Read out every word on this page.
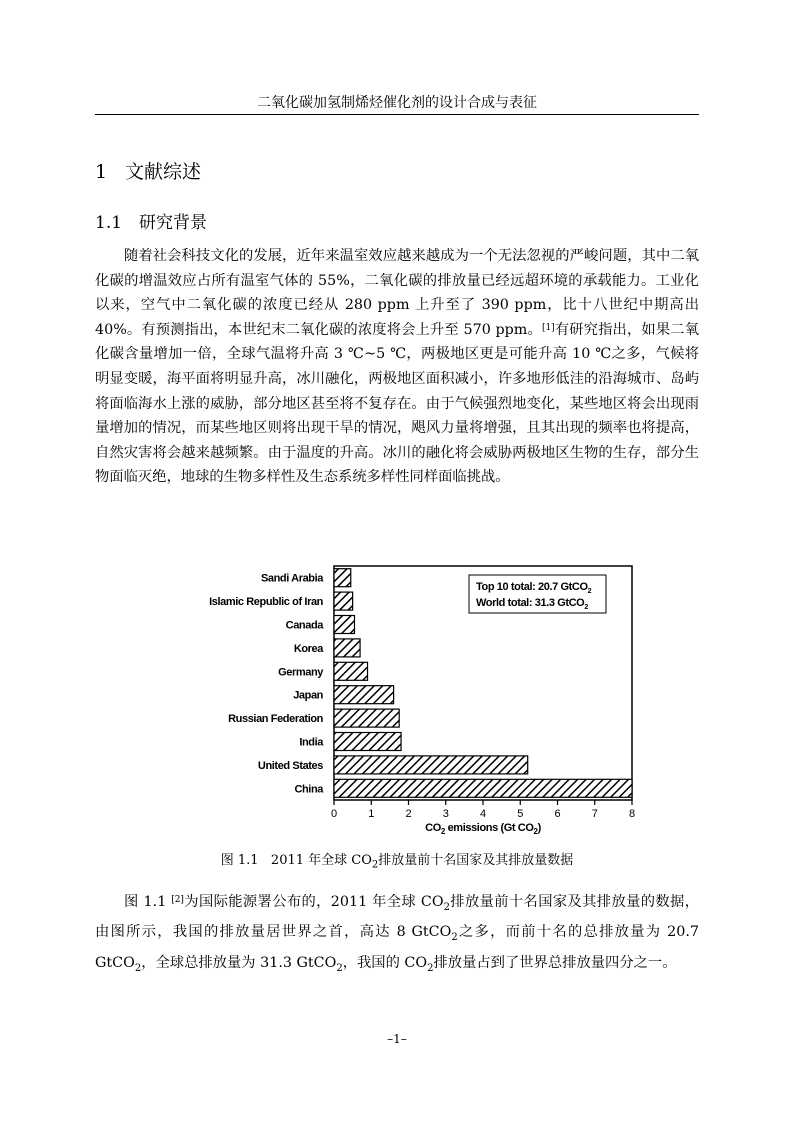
二氧化碳加氢制烯烃催化剂的设计合成与表征
1 文献综述
1.1 研究背景
随着社会科技文化的发展，近年来温室效应越来越成为一个无法忽视的严峻问题，其中二氧化碳的增温效应占所有温室气体的 55%，二氧化碳的排放量已经远超环境的承载能力。工业化以来，空气中二氧化碳的浓度已经从 280 ppm 上升至了 390 ppm，比十八世纪中期高出 40%。有预测指出，本世纪末二氧化碳的浓度将会上升至 570 ppm。[1]有研究指出，如果二氧化碳含量增加一倍，全球气温将升高 3 ℃~5 ℃，两极地区更是可能升高 10 ℃之多，气候将明显变暖，海平面将明显升高，冰川融化，两极地区面积减小，许多地形低洼的沿海城市、岛屿将面临海水上涨的威胁，部分地区甚至将不复存在。由于气候强烈地变化，某些地区将会出现雨量增加的情况，而某些地区则将出现干旱的情况，飓风力量将增强，且其出现的频率也将提高，自然灾害将会越来越频繁。由于温度的升高。冰川的融化将会威胁两极地区生物的生存，部分生物面临灭绝，地球的生物多样性及生态系统多样性同样面临挑战。
Sandi Arabia
Islamic Republic of Iran
Canada
Korea
Germany
Japan
Russian Federation
India
United States
China
0	1	2	3	4	5	6	7	8
$CO_2$ emissions (Gt $CO_2$)
Top 10 total: 20.7 GtCO$_2$
World total: 31.3 GtCO$_2$
图 1.1 2011 年全球 $CO_2$排放量前十名国家及其排放量数据
图 1.1 [2]为国际能源署公布的，2011 年全球 $CO_2$排放量前十名国家及其排放量的数据，由图所示，我国的排放量居世界之首，高达 8 GtCO$_2$之多，而前十名的总排放量为 20.7 GtCO$_2$，全球总排放量为 31.3 GtCO$_2$，我国的 $CO_2$排放量占到了世界总排放量四分之一。
–1–
